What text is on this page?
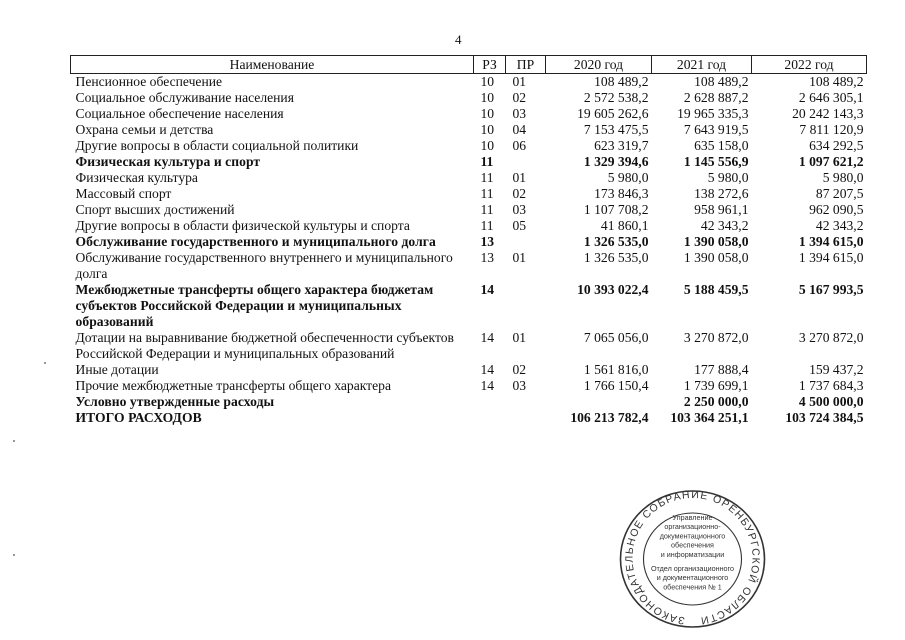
4
Наименование	РЗ	ПР	2020 год	2021 год	2022 год
Пенсионное обеспечение	10	01	108 489,2	108 489,2	108 489,2
Социальное обслуживание населения	10	02	2 572 538,2	2 628 887,2	2 646 305,1
Социальное обеспечение населения	10	03	19 605 262,6	19 965 335,3	20 242 143,3
Охрана семьи и детства	10	04	7 153 475,5	7 643 919,5	7 811 120,9
Другие вопросы в области социальной политики	10	06	623 319,7	635 158,0	634 292,5
Физическая культура и спорт	11		1 329 394,6	1 145 556,9	1 097 621,2
Физическая культура	11	01	5 980,0	5 980,0	5 980,0
Массовый спорт	11	02	173 846,3	138 272,6	87 207,5
Спорт высших достижений	11	03	1 107 708,2	958 961,1	962 090,5
Другие вопросы в области физической культуры и спорта	11	05	41 860,1	42 343,2	42 343,2
Обслуживание государственного и муниципального долга	13		1 326 535,0	1 390 058,0	1 394 615,0
Обслуживание государственного внутреннего и муниципального долга	13	01	1 326 535,0	1 390 058,0	1 394 615,0
Межбюджетные трансферты общего характера бюджетам субъектов Российской Федерации и муниципальных образований	14		10 393 022,4	5 188 459,5	5 167 993,5
Дотации на выравнивание бюджетной обеспеченности субъектов Российской Федерации и муниципальных образований	14	01	7 065 056,0	3 270 872,0	3 270 872,0
Иные дотации	14	02	1 561 816,0	177 888,4	159 437,2
Прочие межбюджетные трансферты общего характера	14	03	1 766 150,4	1 739 699,1	1 737 684,3
Условно утвержденные расходы				2 250 000,0	4 500 000,0
ИТОГО РАСХОДОВ			106 213 782,4	103 364 251,1	103 724 384,5
ЗАКОНОДАТЕЛЬНОЕ СОБРАНИЕ ОРЕНБУРГСКОЙ ОБЛАСТИ
Управление
организационно-
документационного
обеспечения
и информатизации
Отдел организационного
и документационного
обеспечения № 1
